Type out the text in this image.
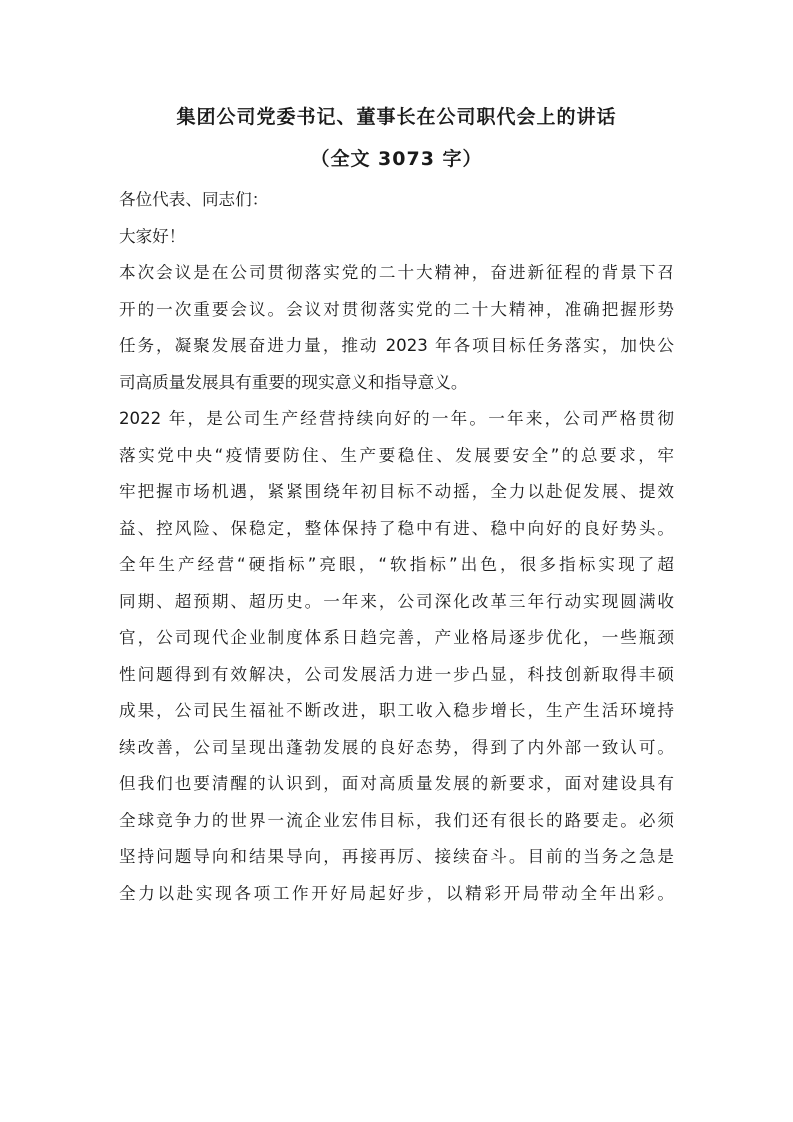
集团公司党委书记、董事长在公司职代会上的讲话
（全文 3073 字）
各位代表、同志们：
大家好！
本次会议是在公司贯彻落实党的二十大精神，奋进新征程的背景下召
开的一次重要会议。会议对贯彻落实党的二十大精神，准确把握形势
任务，凝聚发展奋进力量，推动 2023 年各项目标任务落实，加快公
司高质量发展具有重要的现实意义和指导意义。
2022 年，是公司生产经营持续向好的一年。一年来，公司严格贯彻
落实党中央“疫情要防住、生产要稳住、发展要安全”的总要求，牢
牢把握市场机遇，紧紧围绕年初目标不动摇，全力以赴促发展、提效
益、控风险、保稳定，整体保持了稳中有进、稳中向好的良好势头。
全年生产经营“硬指标”亮眼，“软指标”出色，很多指标实现了超
同期、超预期、超历史。一年来，公司深化改革三年行动实现圆满收
官，公司现代企业制度体系日趋完善，产业格局逐步优化，一些瓶颈
性问题得到有效解决，公司发展活力进一步凸显，科技创新取得丰硕
成果，公司民生福祉不断改进，职工收入稳步增长，生产生活环境持
续改善，公司呈现出蓬勃发展的良好态势，得到了内外部一致认可。
但我们也要清醒的认识到，面对高质量发展的新要求，面对建设具有
全球竞争力的世界一流企业宏伟目标，我们还有很长的路要走。必须
坚持问题导向和结果导向，再接再厉、接续奋斗。目前的当务之急是
全力以赴实现各项工作开好局起好步，以精彩开局带动全年出彩。
